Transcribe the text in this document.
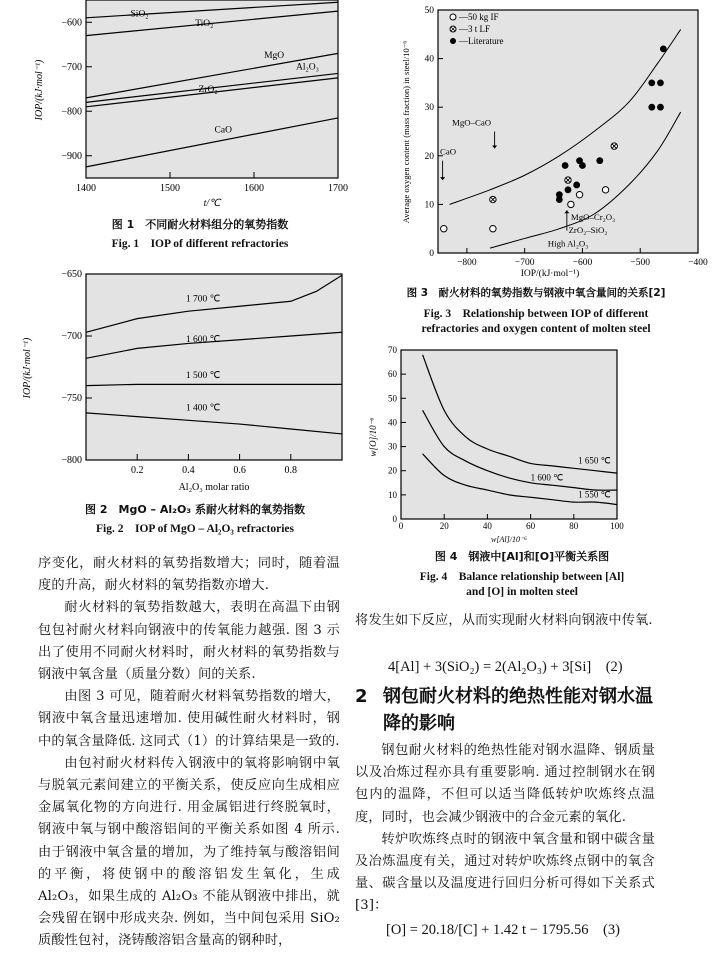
1400	1500	1600	1700
−600
−700
−800
−900
SiO₂
TiO₂
MgO
Al₂O₃
ZrO₂
CaO
IOP/(kJ·mol⁻¹)
t/℃
图 1　不同耐火材料组分的氧势指数
Fig. 1　IOP of different refractories
0.2	0.4	0.6	0.8
−650
−700
−750
−800
1 700 ℃
1 600 ℃
1 500 ℃
1 400 ℃
IOP/(kJ·mol⁻¹)
Al₂O₃ molar ratio
图 2　MgO – Al₂O₃ 系耐火材料的氧势指数
Fig. 2　IOP of MgO – Al₂O₃ refractories
−800	−700	−600	−500	−400
0
10
20
30
40
50
—50 kg IF
—3 t LF
—Literature
MgO–CaO
CaO
MgO–Cr₂O₃
ZrO₂–SiO₂
High Al₂O₃
Average oxygen content (mass fraction) in steel/10⁻⁶
IOP/(kJ·mol⁻¹)
图 3　耐火材料的氧势指数与钢液中氧含量间的关系[2]
Fig. 3　Relationship between IOP of different
refractories and oxygen content of molten steel
0	20	40	60	80	100
0
10
20
30
40
50
60
70
1 650 ℃
1 600 ℃
1 550 ℃
w[O]/10⁻⁶
w[Al]/10⁻⁶
图 4　钢液中[Al]和[O]平衡关系图
Fig. 4　Balance relationship between [Al]
and [O] in molten steel

序变化，耐火材料的氧势指数增大；同时，随着温度的升高，耐火材料的氧势指数亦增大.

耐火材料的氧势指数越大，表明在高温下由钢包包衬耐火材料向钢液中的传氧能力越强. 图 3 示出了使用不同耐火材料时，耐火材料的氧势指数与钢液中氧含量（质量分数）间的关系.

由图 3 可见，随着耐火材料氧势指数的增大，钢液中氧含量迅速增加. 使用碱性耐火材料时，钢中的氧含量降低. 这同式（1）的计算结果是一致的.

由包衬耐火材料传入钢液中的氧将影响钢中氧与脱氧元素间建立的平衡关系，使反应向生成相应金属氧化物的方向进行. 用金属铝进行终脱氧时，钢液中氧与钢中酸溶铝间的平衡关系如图 4 所示. 由于钢液中氧含量的增加，为了维持氧与酸溶铝间的平衡，将使钢中的酸溶铝发生氧化，生成 Al₂O₃，如果生成的 Al₂O₃ 不能从钢液中排出，就会残留在钢中形成夹杂. 例如，当中间包采用 SiO₂ 质酸性包衬，浇铸酸溶铝含量高的钢种时，

将发生如下反应，从而实现耐火材料向钢液中传氧.
4[Al] + 3(SiO₂) = 2(Al₂O₃) + 3[Si]　(2)
2 钢包耐火材料的绝热性能对钢水温降的影响

钢包耐火材料的绝热性能对钢水温降、钢质量以及冶炼过程亦具有重要影响. 通过控制钢水在钢包内的温降，不但可以适当降低转炉吹炼终点温度，同时，也会减少钢液中的合金元素的氧化.

转炉吹炼终点时的钢液中氧含量和钢中碳含量及冶炼温度有关，通过对转炉吹炼终点钢中的氧含量、碳含量以及温度进行回归分析可得如下关系式[3]：

[O] = 20.18/[C] + 1.42 t − 1795.56　(3)
